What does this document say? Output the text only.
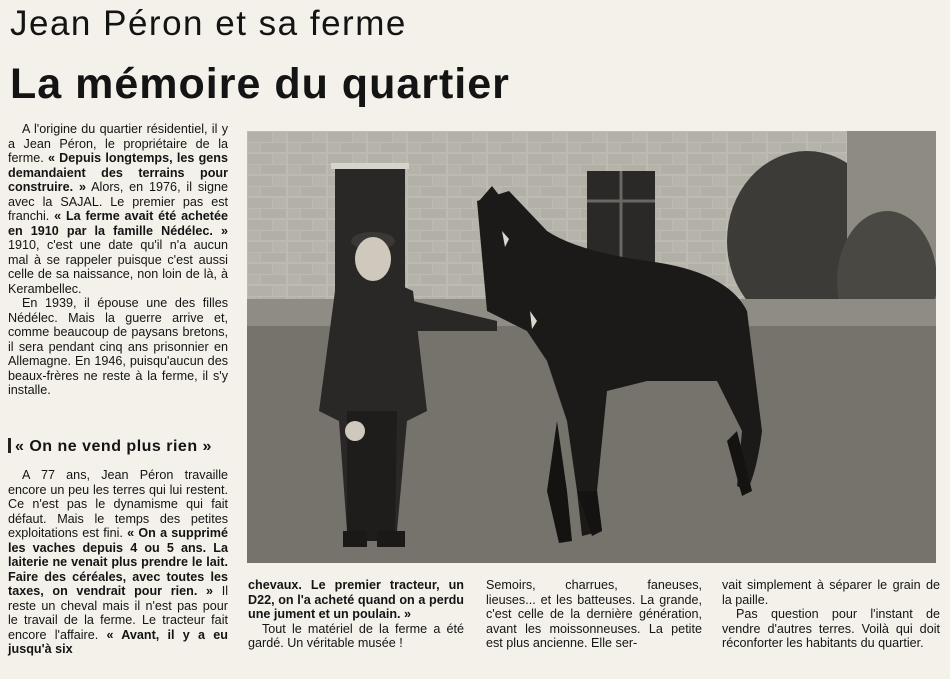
Jean Péron et sa ferme
La mémoire du quartier

A l'origine du quartier résidentiel, il y a Jean Péron, le propriétaire de la ferme. « Depuis longtemps, les gens demandaient des terrains pour construire. » Alors, en 1976, il signe avec la SAJAL. Le premier pas est franchi. « La ferme avait été achetée en 1910 par la famille Nédélec. » 1910, c'est une date qu'il n'a aucun mal à se rappeler puisque c'est aussi celle de sa naissance, non loin de là, à Kerambellec.

En 1939, il épouse une des filles Nédélec. Mais la guerre arrive et, comme beaucoup de paysans bretons, il sera pendant cinq ans prisonnier en Allemagne. En 1946, puisqu'aucun des beaux-frères ne reste à la ferme, il s'y installe.

« On ne vend plus rien »

A 77 ans, Jean Péron travaille encore un peu les terres qui lui restent. Ce n'est pas le dynamisme qui fait défaut. Mais le temps des petites exploitations est fini. « On a supprimé les vaches depuis 4 ou 5 ans. La laiterie ne venait plus prendre le lait. Faire des céréales, avec toutes les taxes, on vendrait pour rien. » Il reste un cheval mais il n'est pas pour le travail de la ferme. Le tracteur fait encore l'affaire. « Avant, il y a eu jusqu'à six

chevaux. Le premier tracteur, un D22, on l'a acheté quand on a perdu une jument et un poulain. »

Tout le matériel de la ferme a été gardé. Un véritable musée !

Semoirs, charrues, faneuses, lieuses... et les batteuses. La grande, c'est celle de la dernière génération, avant les moissonneuses. La petite est plus ancienne. Elle ser-

vait simplement à séparer le grain de la paille.

Pas question pour l'instant de vendre d'autres terres. Voilà qui doit réconforter les habitants du quartier.
